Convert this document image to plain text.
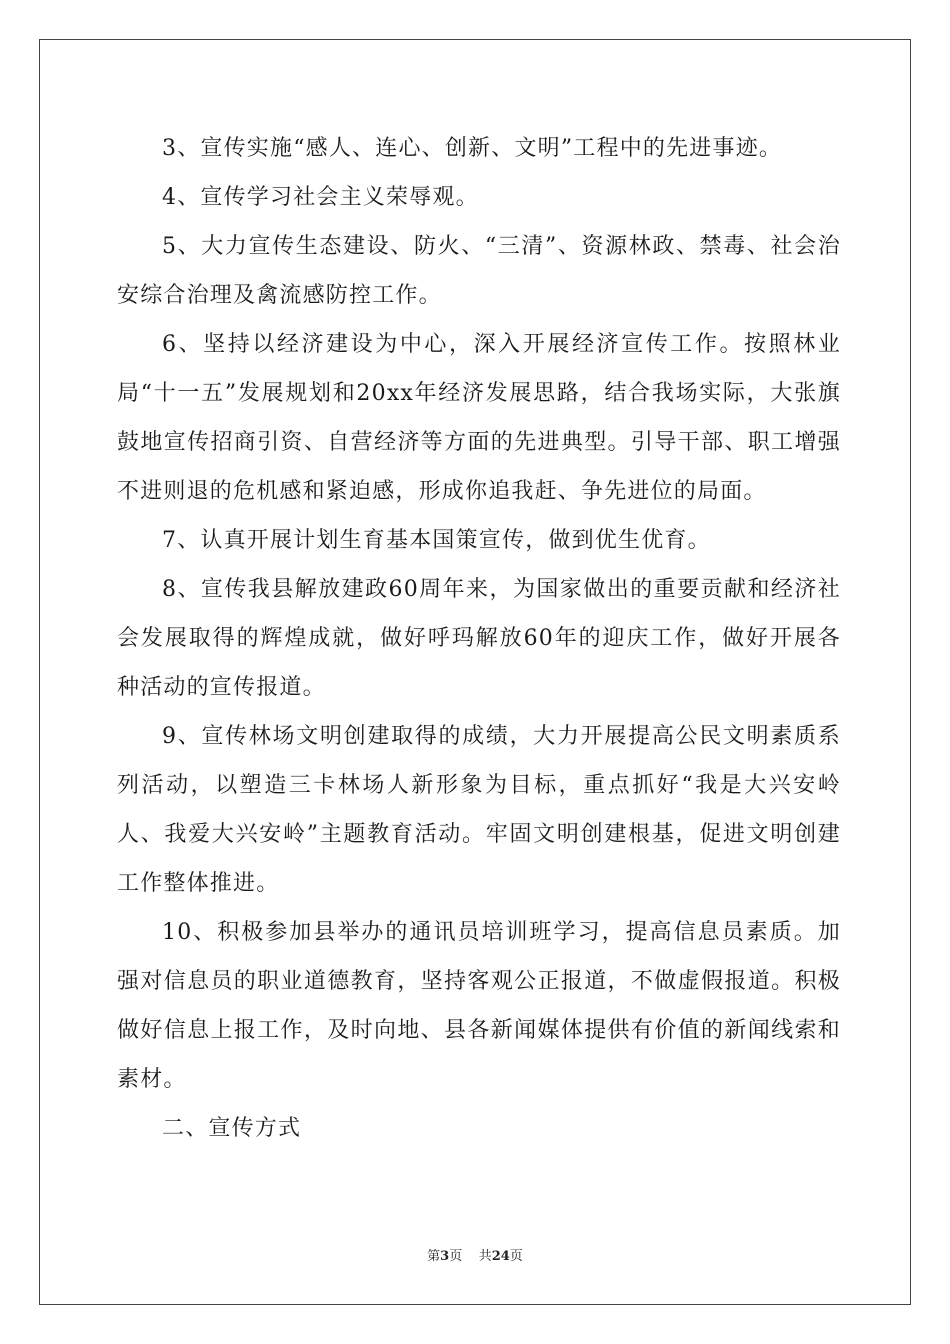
3、宣传实施“感人、连心、创新、文明”工程中的先进事迹。

4、宣传学习社会主义荣辱观。

5、大力宣传生态建设、防火、“三清”、资源林政、禁毒、社会治安综合治理及禽流感防控工作。

6、坚持以经济建设为中心，深入开展经济宣传工作。按照林业局“十一五”发展规划和20xx年经济发展思路，结合我场实际，大张旗鼓地宣传招商引资、自营经济等方面的先进典型。引导干部、职工增强不进则退的危机感和紧迫感，形成你追我赶、争先进位的局面。

7、认真开展计划生育基本国策宣传，做到优生优育。

8、宣传我县解放建政60周年来，为国家做出的重要贡献和经济社会发展取得的辉煌成就，做好呼玛解放60年的迎庆工作，做好开展各种活动的宣传报道。

9、宣传林场文明创建取得的成绩，大力开展提高公民文明素质系列活动，以塑造三卡林场人新形象为目标，重点抓好“我是大兴安岭人、我爱大兴安岭”主题教育活动。牢固文明创建根基，促进文明创建工作整体推进。

10、积极参加县举办的通讯员培训班学习，提高信息员素质。加强对信息员的职业道德教育，坚持客观公正报道，不做虚假报道。积极做好信息上报工作，及时向地、县各新闻媒体提供有价值的新闻线索和素材。

二、宣传方式

第3页 共24页
